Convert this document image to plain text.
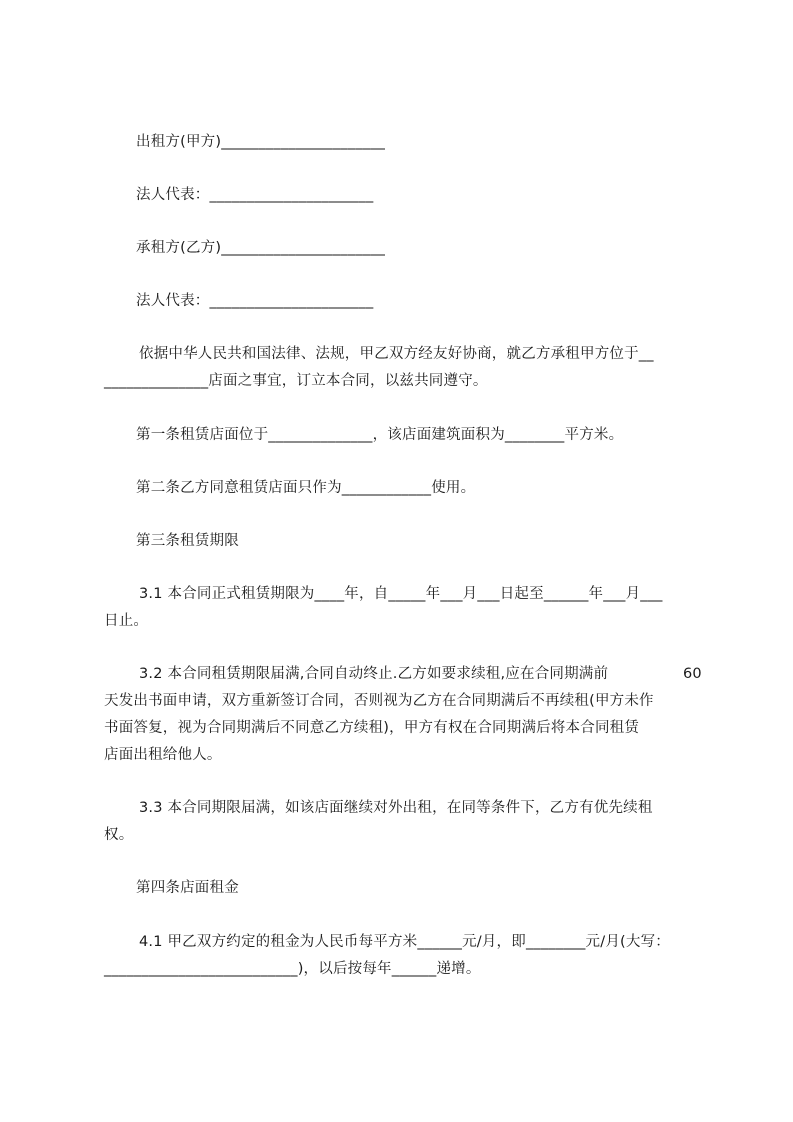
出租方(甲方)______________________

法人代表：______________________

承租方(乙方)______________________

法人代表：______________________

依据中华人民共和国法律、法规，甲乙双方经友好协商，就乙方承租甲方位于__

______________店面之事宜，订立本合同，以兹共同遵守。

第一条租赁店面位于______________，该店面建筑面积为________平方米。

第二条乙方同意租赁店面只作为____________使用。

第三条租赁期限

3.1 本合同正式租赁期限为____年，自_____年___月___日起至______年___月___

日止。

3.2 本合同租赁期限届满,合同自动终止.乙方如要求续租,应在合同期满前	60

天发出书面申请，双方重新签订合同，否则视为乙方在合同期满后不再续租(甲方未作

书面答复，视为合同期满后不同意乙方续租)，甲方有权在合同期满后将本合同租赁

店面出租给他人。

3.3 本合同期限届满，如该店面继续对外出租，在同等条件下，乙方有优先续租

权。

第四条店面租金

4.1 甲乙双方约定的租金为人民币每平方米______元/月，即________元/月(大写：

__________________________)，以后按每年______递增。
